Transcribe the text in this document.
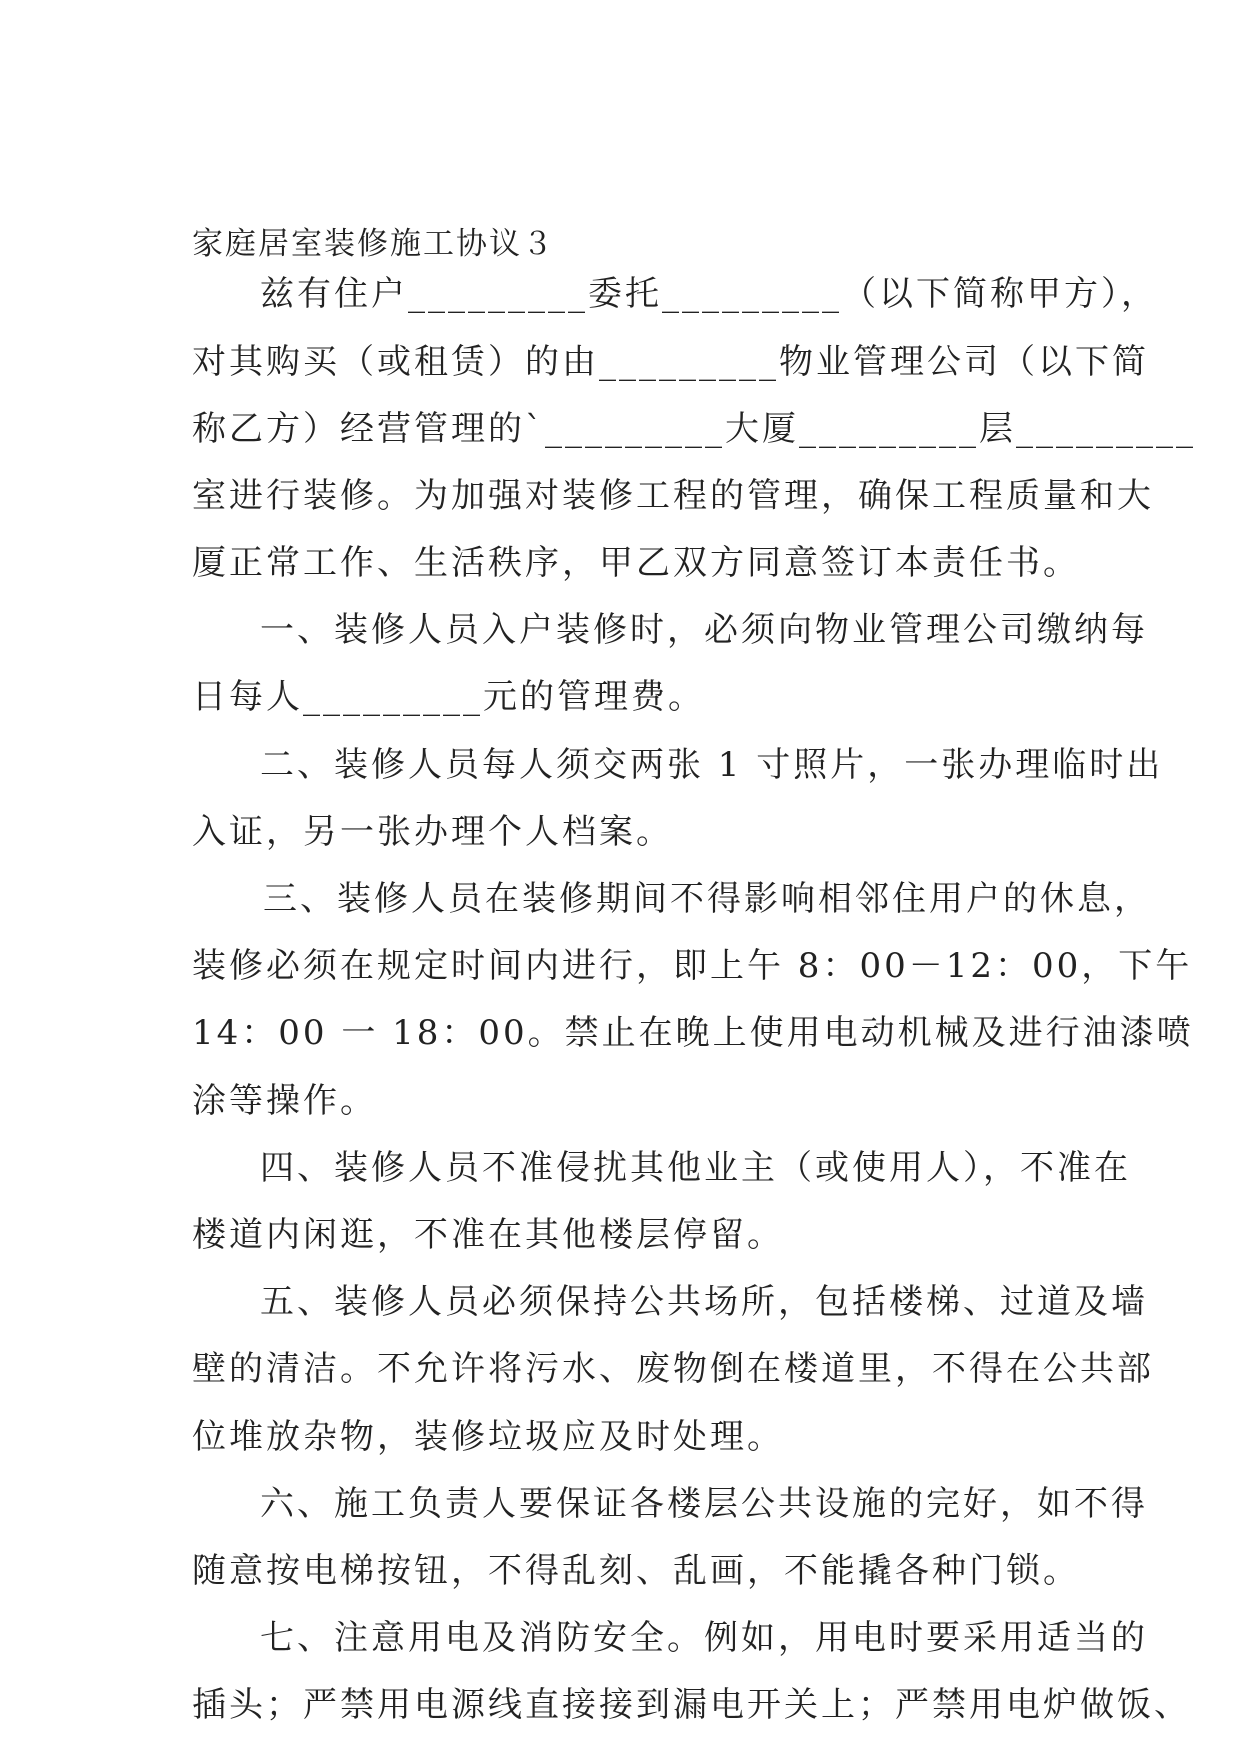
家庭居室装修施工协议３
兹有住户_________委托_________（以下简称甲方），
对其购买（或租赁）的由_________物业管理公司（以下简
称乙方）经营管理的`_________大厦_________层_________
室进行装修。为加强对装修工程的管理，确保工程质量和大
厦正常工作、生活秩序，甲乙双方同意签订本责任书。
一、装修人员入户装修时，必须向物业管理公司缴纳每
日每人_________元的管理费。
二、装修人员每人须交两张 1 寸照片，一张办理临时出
入证，另一张办理个人档案。
三、装修人员在装修期间不得影响相邻住用户的休息，
装修必须在规定时间内进行，即上午 8：00－12：00，下午
14：00 一 18：00。禁止在晚上使用电动机械及进行油漆喷
涂等操作。
四、装修人员不准侵扰其他业主（或使用人），不准在
楼道内闲逛，不准在其他楼层停留。
五、装修人员必须保持公共场所，包括楼梯、过道及墙
壁的清洁。不允许将污水、废物倒在楼道里，不得在公共部
位堆放杂物，装修垃圾应及时处理。
六、施工负责人要保证各楼层公共设施的完好，如不得
随意按电梯按钮，不得乱刻、乱画，不能撬各种门锁。
七、注意用电及消防安全。例如，用电时要采用适当的
插头；严禁用电源线直接接到漏电开关上；严禁用电炉做饭、
